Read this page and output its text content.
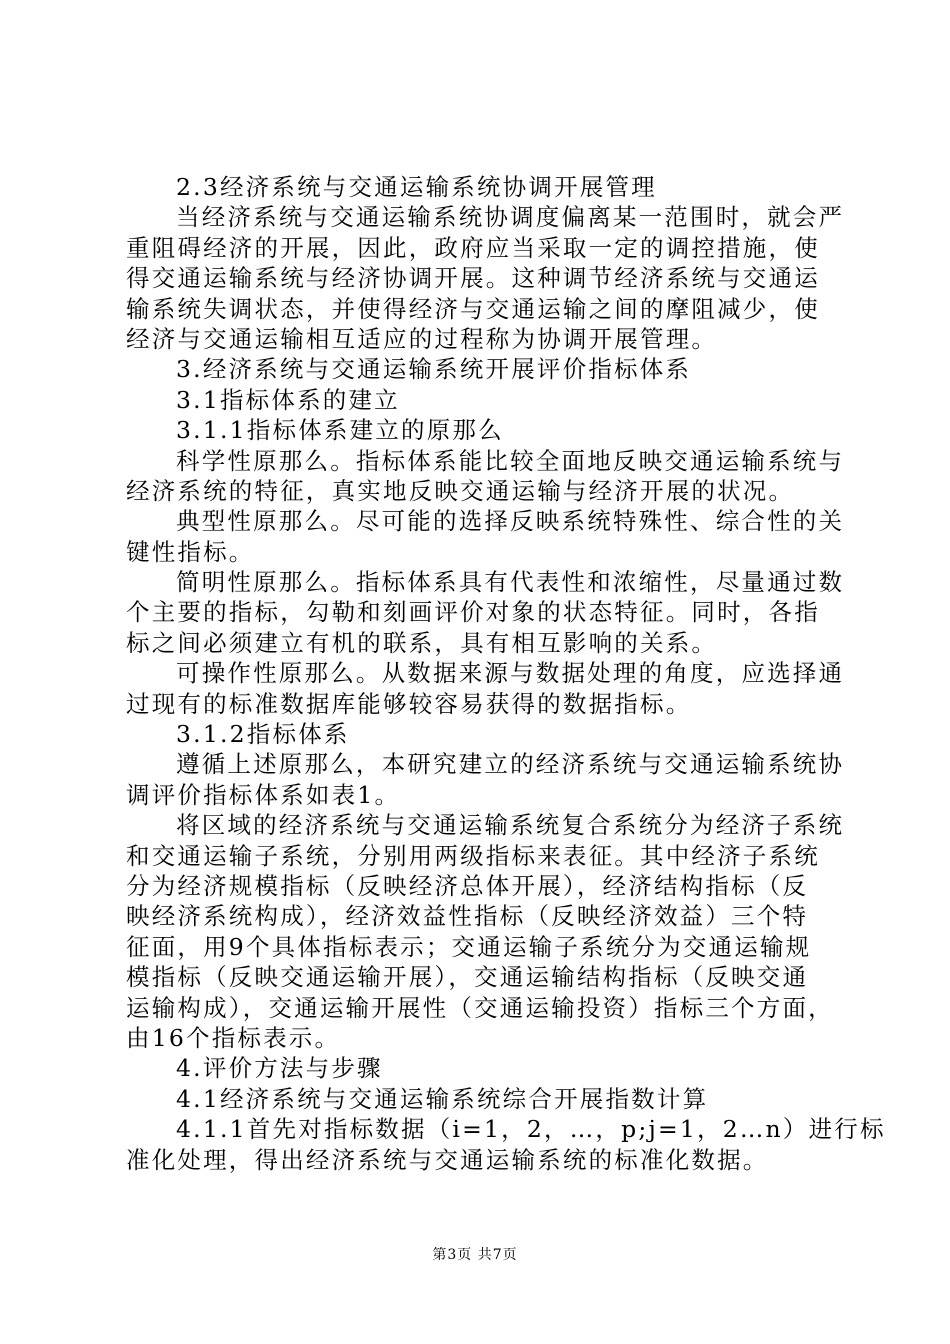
2.3经济系统与交通运输系统协调开展管理
当经济系统与交通运输系统协调度偏离某一范围时，就会严
重阻碍经济的开展，因此，政府应当采取一定的调控措施，使
得交通运输系统与经济协调开展。这种调节经济系统与交通运
输系统失调状态，并使得经济与交通运输之间的摩阻减少，使
经济与交通运输相互适应的过程称为协调开展管理。
3.经济系统与交通运输系统开展评价指标体系
3.1指标体系的建立
3.1.1指标体系建立的原那么
科学性原那么。指标体系能比较全面地反映交通运输系统与
经济系统的特征，真实地反映交通运输与经济开展的状况。
典型性原那么。尽可能的选择反映系统特殊性、综合性的关
键性指标。
简明性原那么。指标体系具有代表性和浓缩性，尽量通过数
个主要的指标，勾勒和刻画评价对象的状态特征。同时，各指
标之间必须建立有机的联系，具有相互影响的关系。
可操作性原那么。从数据来源与数据处理的角度，应选择通
过现有的标准数据库能够较容易获得的数据指标。
3.1.2指标体系
遵循上述原那么，本研究建立的经济系统与交通运输系统协
调评价指标体系如表1。
将区域的经济系统与交通运输系统复合系统分为经济子系统
和交通运输子系统，分别用两级指标来表征。其中经济子系统
分为经济规模指标（反映经济总体开展），经济结构指标（反
映经济系统构成），经济效益性指标（反映经济效益）三个特
征面，用9个具体指标表示；交通运输子系统分为交通运输规
模指标（反映交通运输开展），交通运输结构指标（反映交通
运输构成），交通运输开展性（交通运输投资）指标三个方面，
由16个指标表示。
4.评价方法与步骤
4.1经济系统与交通运输系统综合开展指数计算
4.1.1首先对指标数据（i=1，2，…，p;j=1，2…n）进行标
准化处理，得出经济系统与交通运输系统的标准化数据。
第3页 共7页
